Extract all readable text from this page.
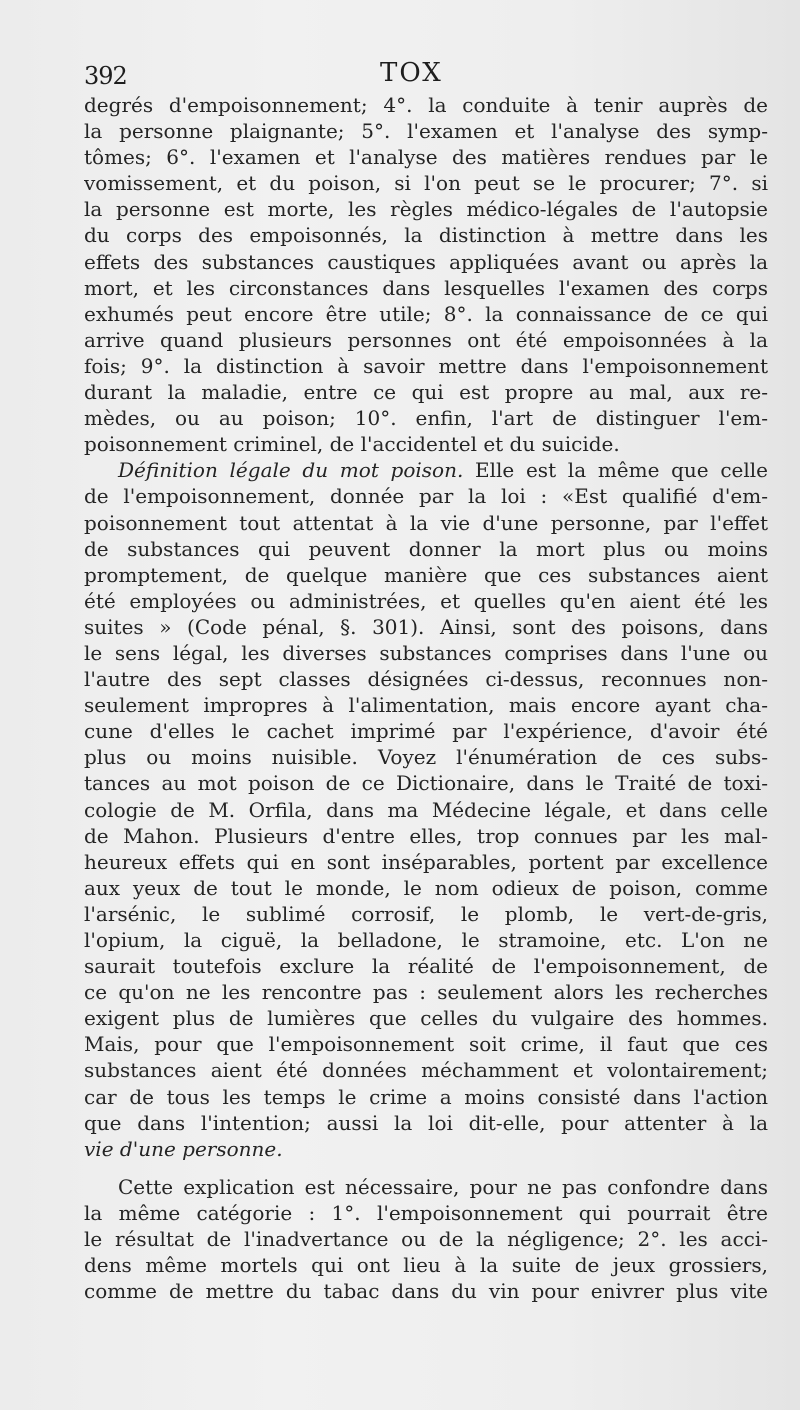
392	TOX
degrés d'empoisonnement; 4°. la conduite à tenir auprès de
la personne plaignante; 5°. l'examen et l'analyse des symp-
tômes; 6°. l'examen et l'analyse des matières rendues par le
vomissement, et du poison, si l'on peut se le procurer; 7°. si
la personne est morte, les règles médico-légales de l'autopsie
du corps des empoisonnés, la distinction à mettre dans les
effets des substances caustiques appliquées avant ou après la
mort, et les circonstances dans lesquelles l'examen des corps
exhumés peut encore être utile; 8°. la connaissance de ce qui
arrive quand plusieurs personnes ont été empoisonnées à la
fois; 9°. la distinction à savoir mettre dans l'empoisonnement
durant la maladie, entre ce qui est propre au mal, aux re-
mèdes, ou au poison; 10°. enfin, l'art de distinguer l'em-
poisonnement criminel, de l'accidentel et du suicide.
Définition légale du mot poison. Elle est la même que celle
de l'empoisonnement, donnée par la loi : «Est qualifié d'em-
poisonnement tout attentat à la vie d'une personne, par l'effet
de substances qui peuvent donner la mort plus ou moins
promptement, de quelque manière que ces substances aient
été employées ou administrées, et quelles qu'en aient été les
suites » (Code pénal, §. 301). Ainsi, sont des poisons, dans
le sens légal, les diverses substances comprises dans l'une ou
l'autre des sept classes désignées ci-dessus, reconnues non-
seulement impropres à l'alimentation, mais encore ayant cha-
cune d'elles le cachet imprimé par l'expérience, d'avoir été
plus ou moins nuisible. Voyez l'énumération de ces subs-
tances au mot poison de ce Dictionaire, dans le Traité de toxi-
cologie de M. Orfila, dans ma Médecine légale, et dans celle
de Mahon. Plusieurs d'entre elles, trop connues par les mal-
heureux effets qui en sont inséparables, portent par excellence
aux yeux de tout le monde, le nom odieux de poison, comme
l'arsénic, le sublimé corrosif, le plomb, le vert-de-gris,
l'opium, la ciguë, la belladone, le stramoine, etc. L'on ne
saurait toutefois exclure la réalité de l'empoisonnement, de
ce qu'on ne les rencontre pas : seulement alors les recherches
exigent plus de lumières que celles du vulgaire des hommes.
Mais, pour que l'empoisonnement soit crime, il faut que ces
substances aient été données méchamment et volontairement;
car de tous les temps le crime a moins consisté dans l'action
que dans l'intention; aussi la loi dit-elle, pour attenter à la
vie d'une personne.
Cette explication est nécessaire, pour ne pas confondre dans
la même catégorie : 1°. l'empoisonnement qui pourrait être
le résultat de l'inadvertance ou de la négligence; 2°. les acci-
dens même mortels qui ont lieu à la suite de jeux grossiers,
comme de mettre du tabac dans du vin pour enivrer plus vite
